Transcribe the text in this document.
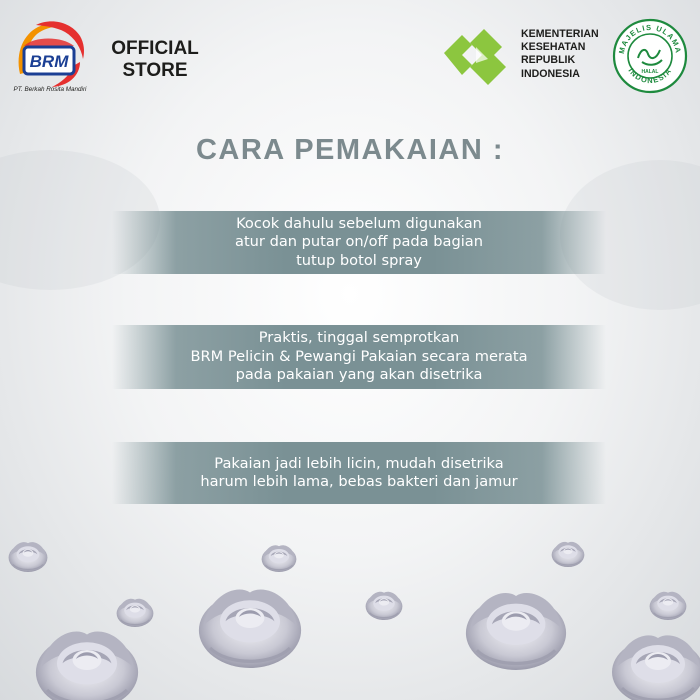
BRM
PT. Berkah Rosita Mandiri
OFFICIAL
STORE
KEMENTERIAN
KESEHATAN
REPUBLIK
INDONESIA
MAJELIS ULAMA
INDONESIA
HALAL
CARA PEMAKAIAN :
Kocok dahulu sebelum digunakan
atur dan putar on/off pada bagian
tutup botol spray
Praktis, tinggal semprotkan
BRM Pelicin & Pewangi Pakaian secara merata
pada pakaian yang akan disetrika
Pakaian jadi lebih licin, mudah disetrika
harum lebih lama, bebas bakteri dan jamur
